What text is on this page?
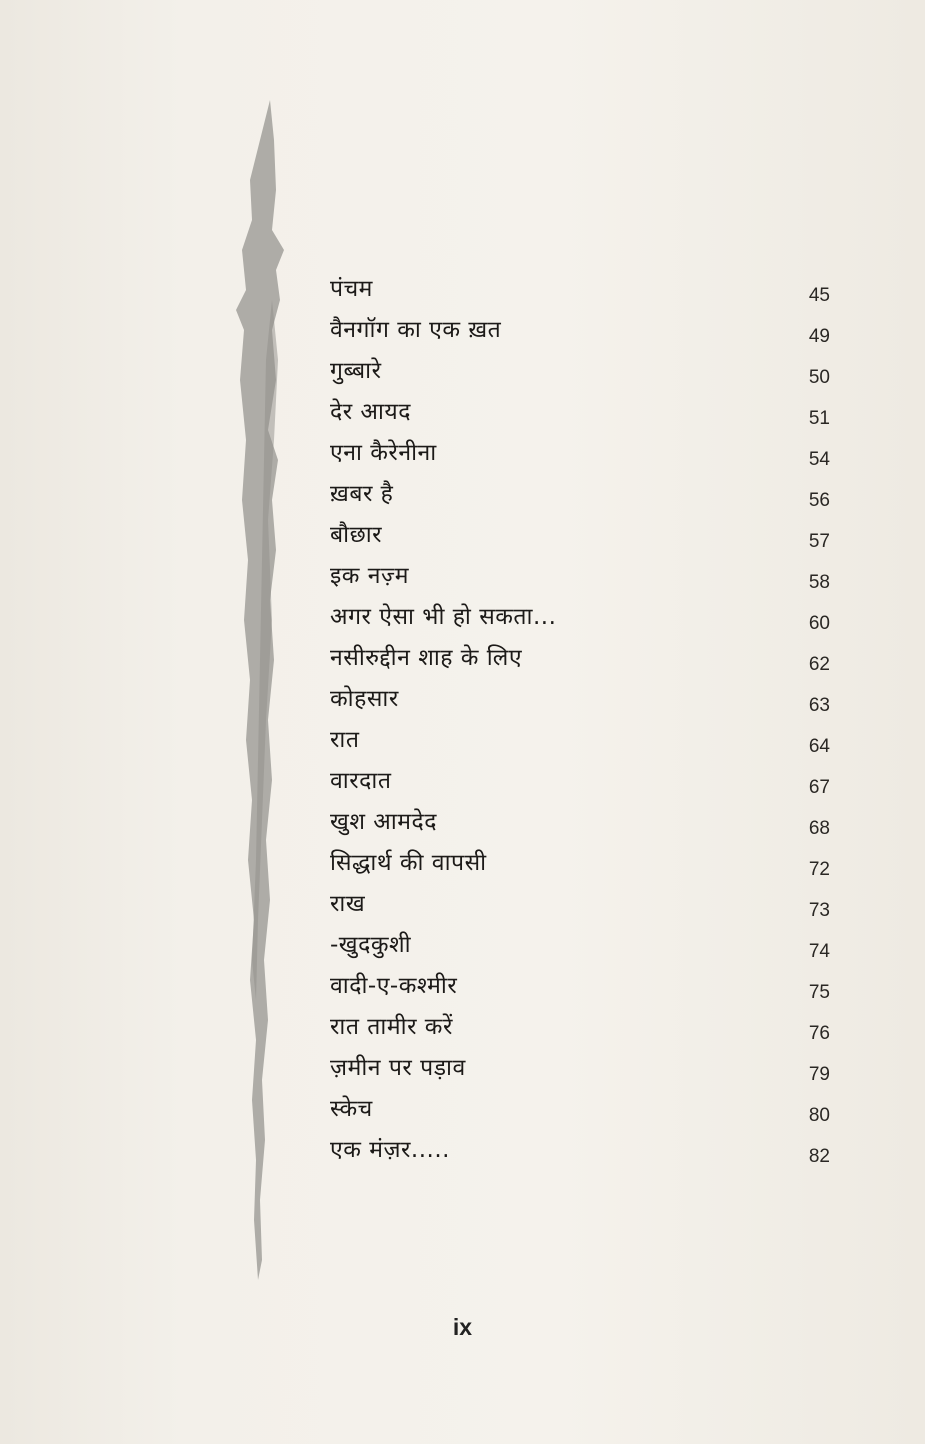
पंचम	45
वैनगॉग का एक ख़त	49
गुब्बारे	50
देर आयद	51
एना कैरेनीना	54
ख़बर है	56
बौछार	57
इक नज़्म	58
अगर ऐसा भी हो सकता...	60
नसीरुद्दीन शाह के लिए	62
कोहसार	63
रात	64
वारदात	67
खुश आमदेद	68
सिद्धार्थ की वापसी	72
राख	73
-खुदकुशी	74
वादी-ए-कश्मीर	75
रात तामीर करें	76
ज़मीन पर पड़ाव	79
स्केच	80
एक मंज़र.....	82
ix
